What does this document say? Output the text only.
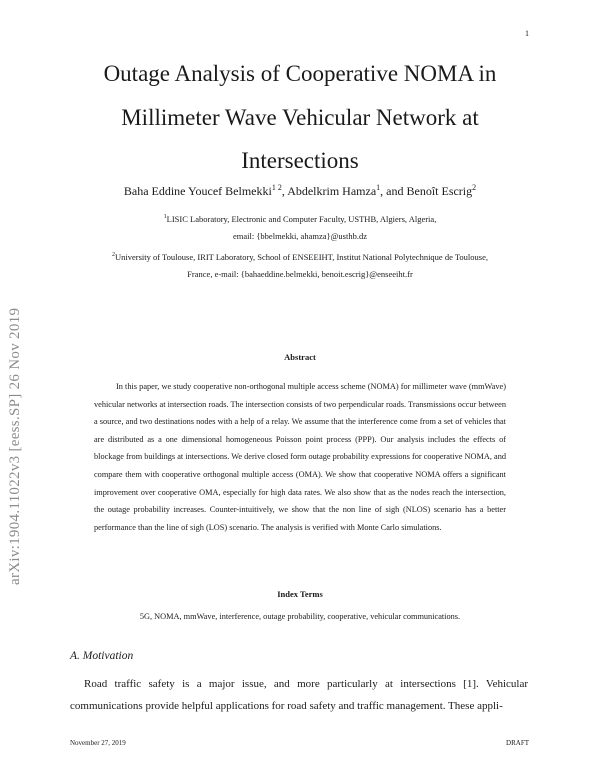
1
arXiv:1904.11022v3 [eess.SP] 26 Nov 2019
Outage Analysis of Cooperative NOMA in Millimeter Wave Vehicular Network at Intersections
Baha Eddine Youcef Belmekki$^{1 2}$, Abdelkrim Hamza$^1$, and Benoît Escrig$^2$
$^1$LISIC Laboratory, Electronic and Computer Faculty, USTHB, Algiers, Algeria,
email: {bbelmekki, ahamza}@usthb.dz
$^2$University of Toulouse, IRIT Laboratory, School of ENSEEIHT, Institut National Polytechnique de Toulouse,
France, e-mail: {bahaeddine.belmekki, benoit.escrig}@enseeiht.fr
Abstract

In this paper, we study cooperative non-orthogonal multiple access scheme (NOMA) for millimeter wave (mmWave) vehicular networks at intersection roads. The intersection consists of two perpendicular roads. Transmissions occur between a source, and two destinations nodes with a help of a relay. We assume that the interference come from a set of vehicles that are distributed as a one dimensional homogeneous Poisson point process (PPP). Our analysis includes the effects of blockage from buildings at intersections. We derive closed form outage probability expressions for cooperative NOMA, and compare them with cooperative orthogonal multiple access (OMA). We show that cooperative NOMA offers a significant improvement over cooperative OMA, especially for high data rates. We also show that as the nodes reach the intersection, the outage probability increases. Counter-intuitively, we show that the non line of sigh (NLOS) scenario has a better performance than the line of sigh (LOS) scenario. The analysis is verified with Monte Carlo simulations.

Index Terms
5G, NOMA, mmWave, interference, outage probability, cooperative, vehicular communications.
A. Motivation

Road traffic safety is a major issue, and more particularly at intersections [1]. Vehicular communications provide helpful applications for road safety and traffic management. These appli-

November 27, 2019	DRAFT
